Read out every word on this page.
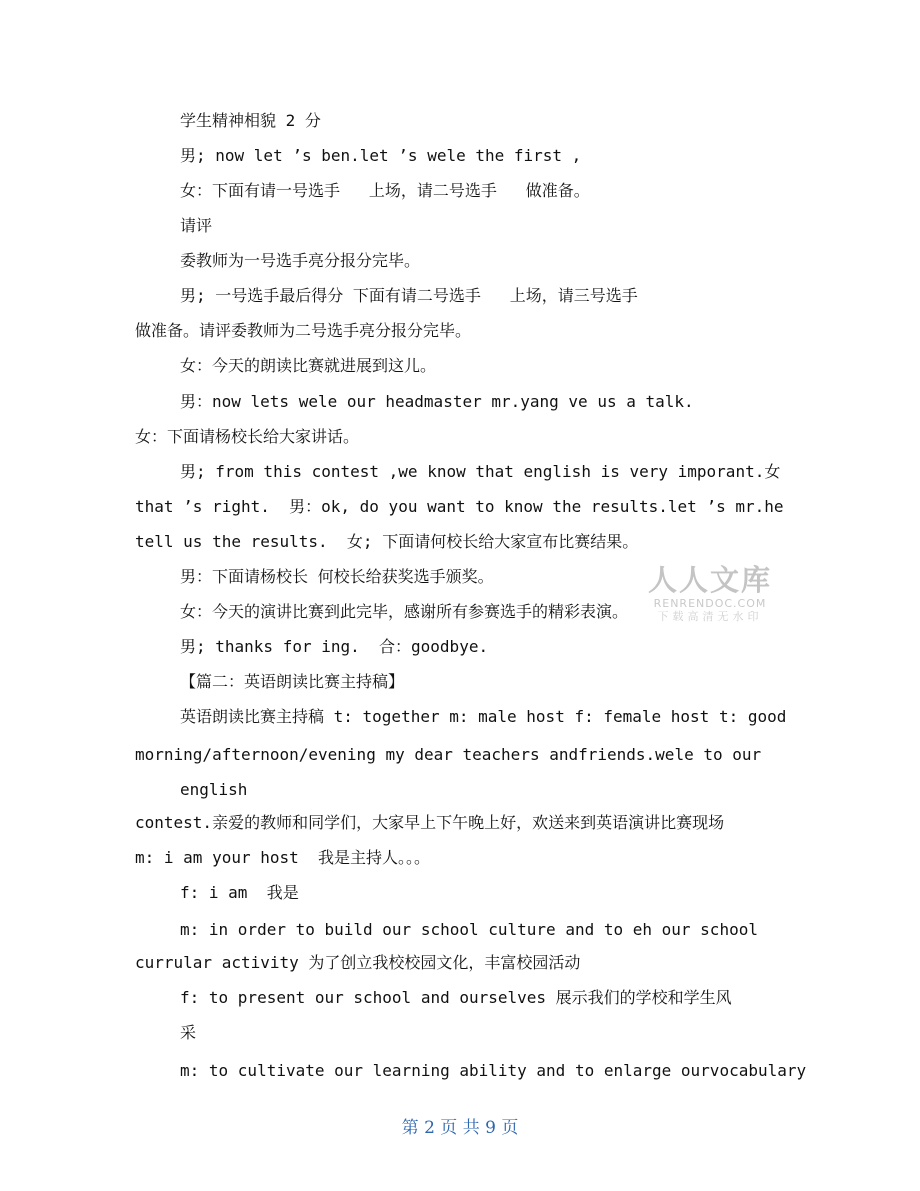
学生精神相貌 2 分
男; now let ’s ben.let ’s wele the first ,
女：下面有请一号选手   上场，请二号选手   做准备。
请评
委教师为一号选手亮分报分完毕。
男; 一号选手最后得分 下面有请二号选手   上场，请三号选手
做准备。请评委教师为二号选手亮分报分完毕。
女：今天的朗读比赛就进展到这儿。
男：now lets wele our headmaster mr.yang ve us a talk.
女：下面请杨校长给大家讲话。
男; from this contest ,we know that english is very imporant.女
that ’s right.  男：ok, do you want to know the results.let ’s mr.he
tell us the results.  女; 下面请何校长给大家宣布比赛结果。
男：下面请杨校长 何校长给获奖选手颁奖。
女：今天的演讲比赛到此完毕，感谢所有参赛选手的精彩表演。
男; thanks for ing.  合：goodbye.
【篇二：英语朗读比赛主持稿】
英语朗读比赛主持稿 t: together m: male host f: female host t: good
morning/afternoon/evening my dear teachers andfriends.wele to our
english
contest.亲爱的教师和同学们，大家早上下午晚上好，欢送来到英语演讲比赛现场
m: i am your host  我是主持人。。。
f: i am  我是
m: in order to build our school culture and to eh our school
currular activity 为了创立我校校园文化，丰富校园活动
f: to present our school and ourselves 展示我们的学校和学生风
采
m: to cultivate our learning ability and to enlarge ourvocabulary
人人文库
RENRENDOC.COM
下载高清无水印
第 2 页 共 9 页
